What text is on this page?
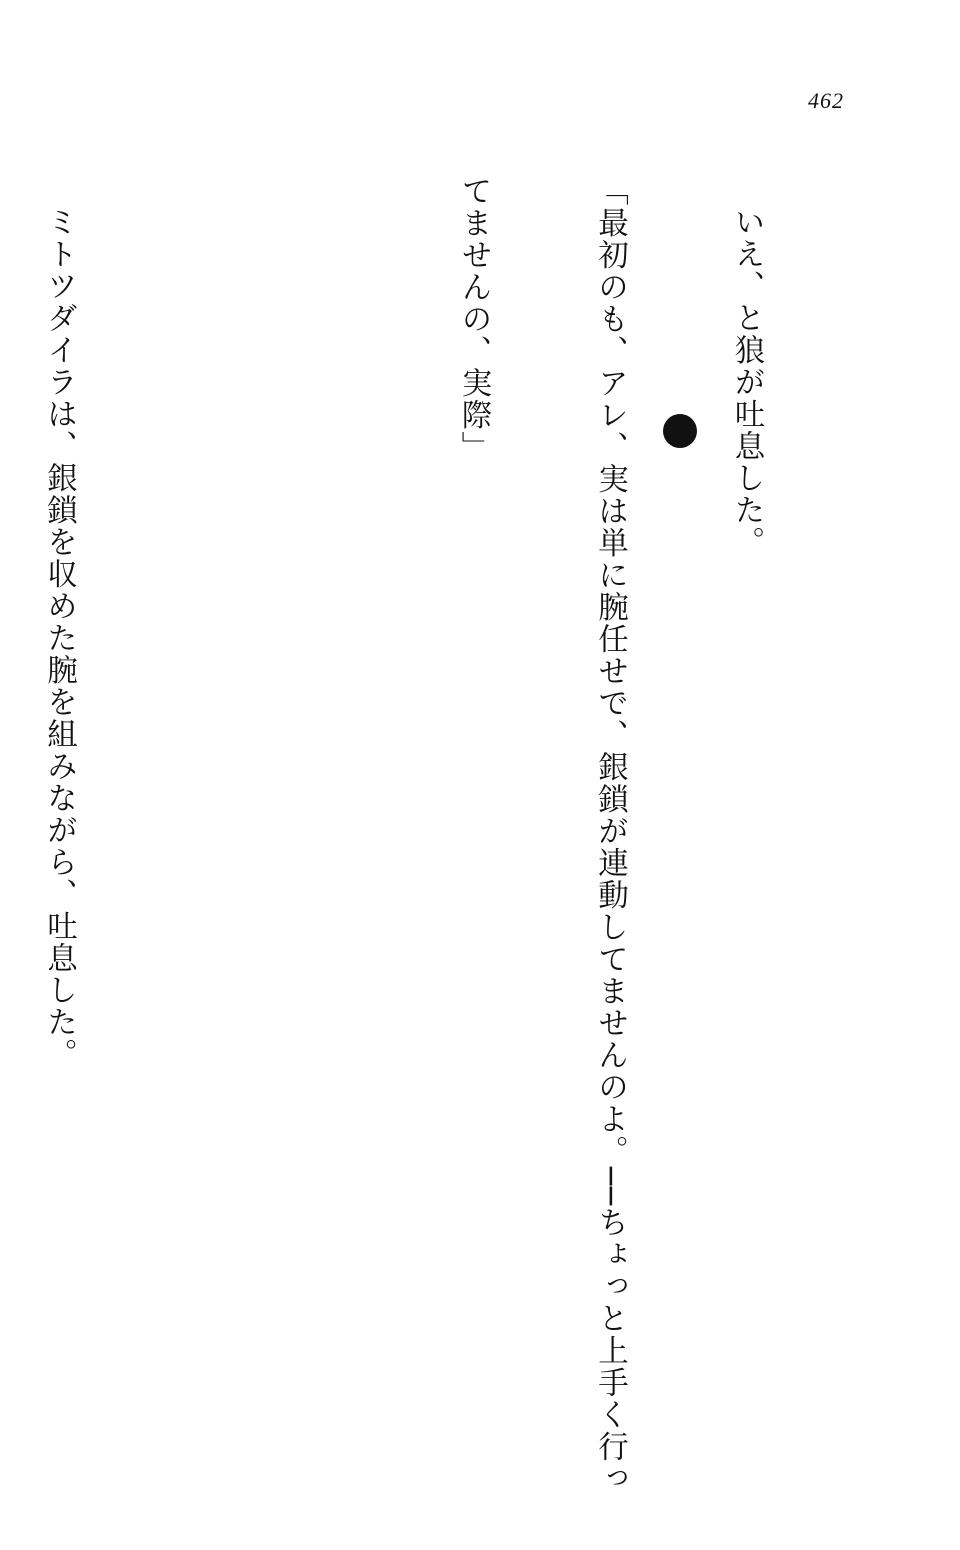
462

いえ、と狼が吐息した。

「最初のも、アレ、実は単に腕任せで、銀鎖が連動してませんのよ。──ちょっと上手く行っ

てませんの、実際」

ミトツダイラは、銀鎖を収めた腕を組みながら、吐息した。
